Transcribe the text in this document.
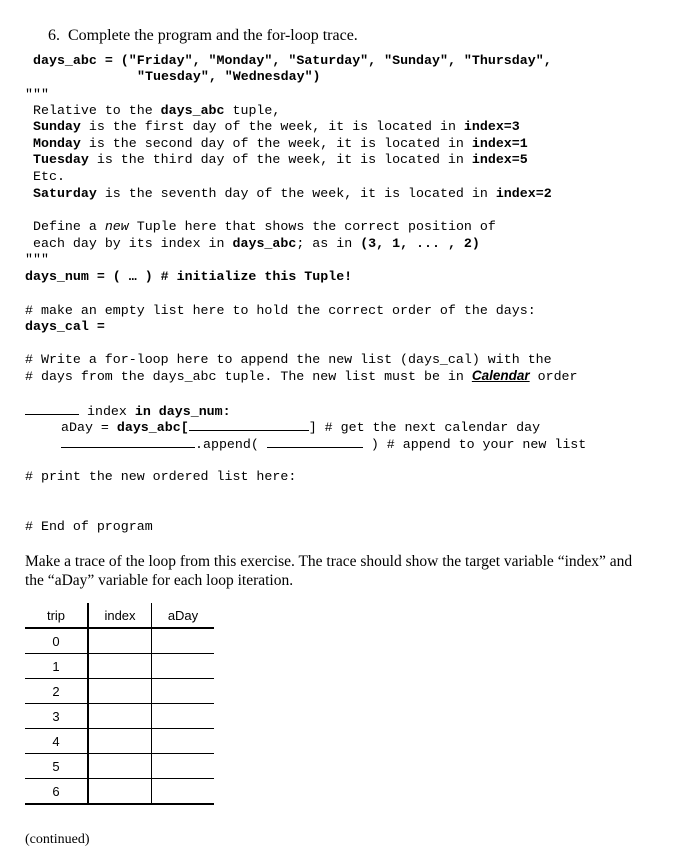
6. Complete the program and the for-loop trace.
days_abc = ("Friday", "Monday", "Saturday", "Sunday", "Thursday",
"Tuesday", "Wednesday")
"""
Relative to the days_abc tuple,
Sunday is the first day of the week, it is located in index=3
Monday is the second day of the week, it is located in index=1
Tuesday is the third day of the week, it is located in index=5
Etc.
Saturday is the seventh day of the week, it is located in index=2
Define a new Tuple here that shows the correct position of
each day by its index in days_abc; as in (3, 1, ... , 2)
"""
days_num = ( … ) # initialize this Tuple!
# make an empty list here to hold the correct order of the days:
days_cal =
# Write a for-loop here to append the new list (days_cal) with the
# days from the days_abc tuple. The new list must be in Calendar order
index in days_num:
aDay = days_abc[	] # get the next calendar day
.append(	) # append to your new list
# print the new ordered list here:
# End of program
Make a trace of the loop from this exercise. The trace should show the target variable “index” and the “aDay” variable for each loop iteration.
trip	index	aDay
0		
1		
2		
3		
4		
5		
6		
(continued)
